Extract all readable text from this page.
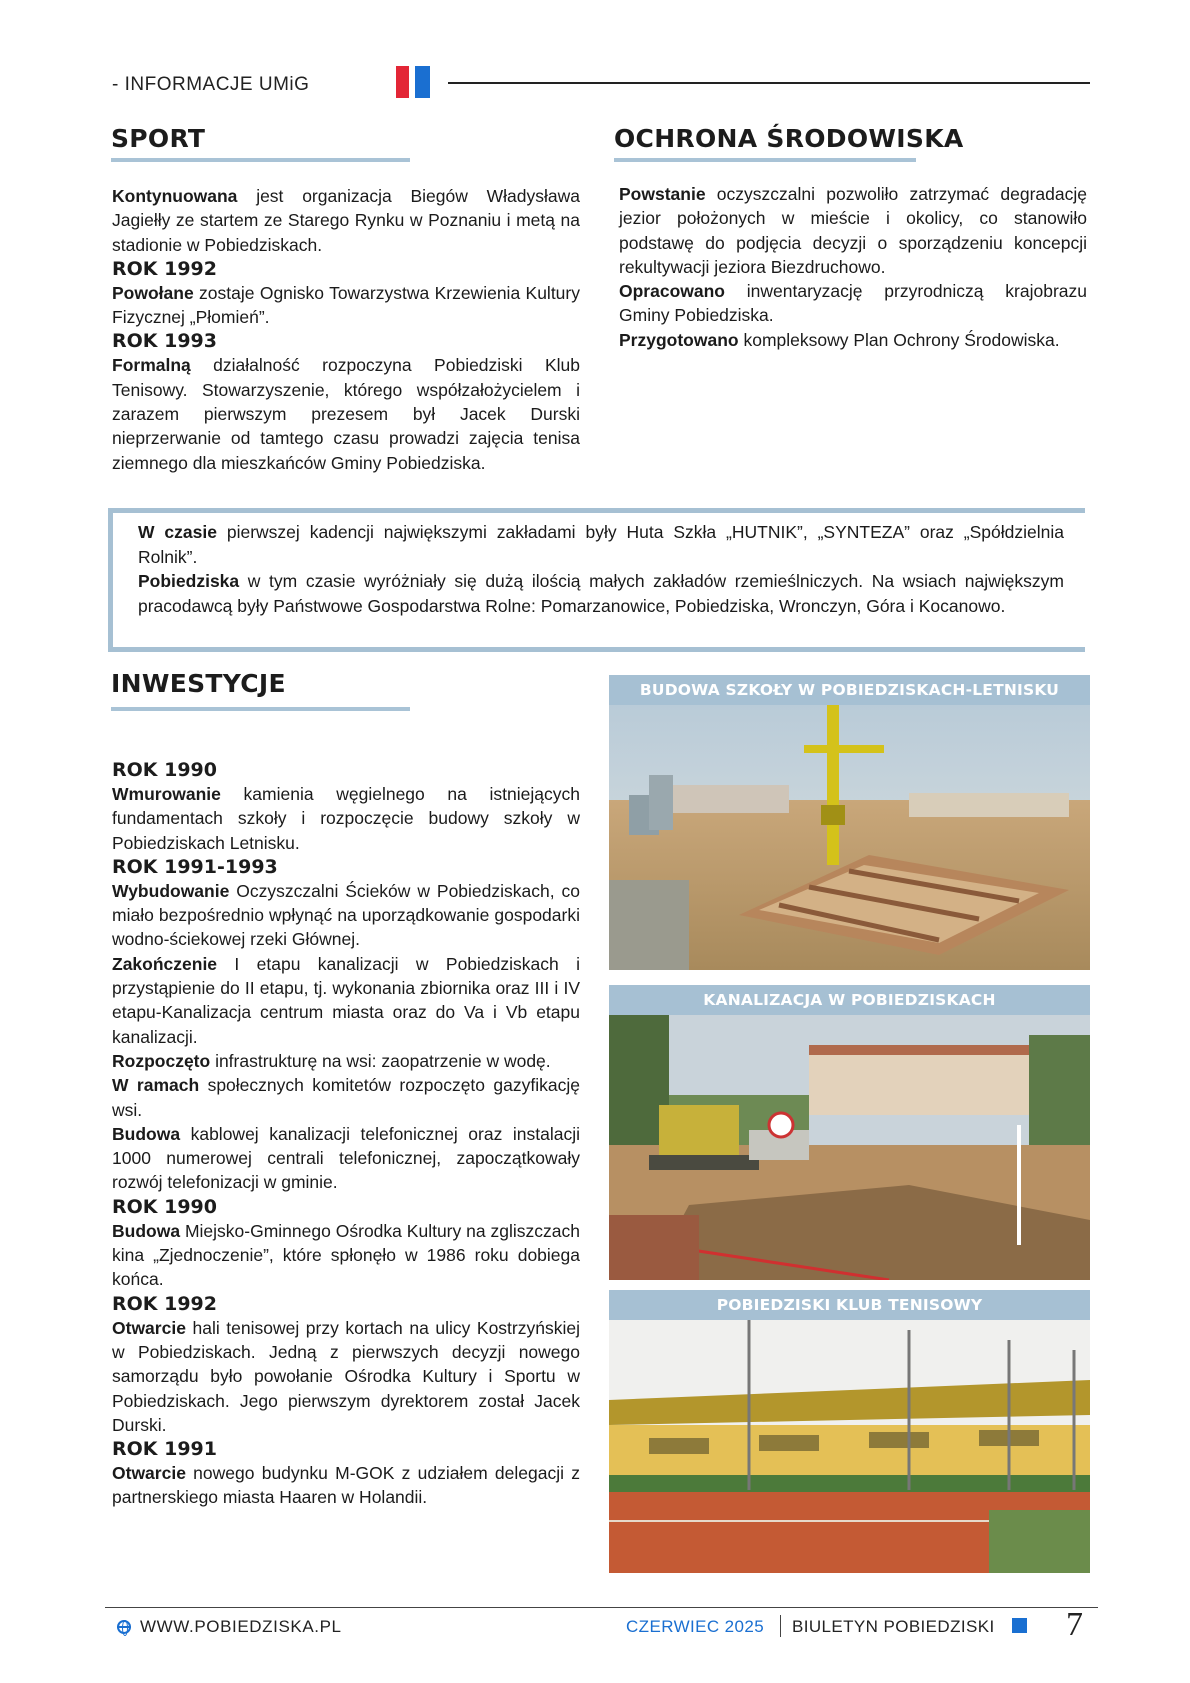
- INFORMACJE UMiG
SPORT

Kontynuowana jest organizacja Biegów Władysława Jagiełły ze startem ze Starego Rynku w Poznaniu i metą na stadionie w Pobiedziskach.

ROK 1992

Powołane zostaje Ognisko Towarzystwa Krzewienia Kultury Fizycznej „Płomień”.

ROK 1993

Formalną działalność rozpoczyna Pobiedziski Klub Tenisowy. Stowarzyszenie, którego współzałożycielem i zarazem pierwszym prezesem był Jacek Durski nieprzerwanie od tamtego czasu prowadzi zajęcia tenisa ziemnego dla mieszkańców Gminy Pobiedziska.

OCHRONA ŚRODOWISKA

Powstanie oczyszczalni pozwoliło zatrzymać degradację jezior położonych w mieście i okolicy, co stanowiło podstawę do podjęcia decyzji o sporządzeniu koncepcji rekultywacji jeziora Biezdruchowo.

Opracowano inwentaryzację przyrodniczą krajobrazu Gminy Pobiedziska.

Przygotowano kompleksowy Plan Ochrony Środowiska.

W czasie pierwszej kadencji największymi zakładami były Huta Szkła „HUTNIK”, „SYNTEZA” oraz „Spółdzielnia Rolnik”.

Pobiedziska w tym czasie wyróżniały się dużą ilością małych zakładów rzemieślniczych. Na wsiach największym pracodawcą były Państwowe Gospodarstwa Rolne: Pomarzanowice, Pobiedziska, Wronczyn, Góra i Kocanowo.

INWESTYCJE
ROK 1990

Wmurowanie kamienia węgielnego na istniejących fundamentach szkoły i rozpoczęcie budowy szkoły w Pobiedziskach Letnisku.

ROK 1991-1993

Wybudowanie Oczyszczalni Ścieków w Pobiedziskach, co miało bezpośrednio wpłynąć na uporządkowanie gospodarki wodno-ściekowej rzeki Głównej.

Zakończenie I etapu kanalizacji w Pobiedziskach i przystąpienie do II etapu, tj. wykonania zbiornika oraz III i IV etapu-Kanalizacja centrum miasta oraz do Va i Vb etapu kanalizacji.

Rozpoczęto infrastrukturę na wsi: zaopatrzenie w wodę.

W ramach społecznych komitetów rozpoczęto gazyfikację wsi.

Budowa kablowej kanalizacji telefonicznej oraz instalacji 1000 numerowej centrali telefonicznej, zapoczątkowały rozwój telefonizacji w gminie.

ROK 1990

Budowa Miejsko-Gminnego Ośrodka Kultury na zgliszczach kina „Zjednoczenie”, które spłonęło w 1986 roku dobiega końca.

ROK 1992

Otwarcie hali tenisowej przy kortach na ulicy Kostrzyńskiej w Pobiedziskach. Jedną z pierwszych decyzji nowego samorządu było powołanie Ośrodka Kultury i Sportu w Pobiedziskach. Jego pierwszym dyrektorem został Jacek Durski.

ROK 1991

Otwarcie nowego budynku M-GOK z udziałem delegacji z partnerskiego miasta Haaren w Holandii.

BUDOWA SZKOŁY W POBIEDZISKACH-LETNISKU
KANALIZACJA W POBIEDZISKACH
POBIEDZISKI KLUB TENISOWY
WWW.POBIEDZISKA.PL	CZERWIEC 2025 BIULETYN POBIEDZISKI 7
